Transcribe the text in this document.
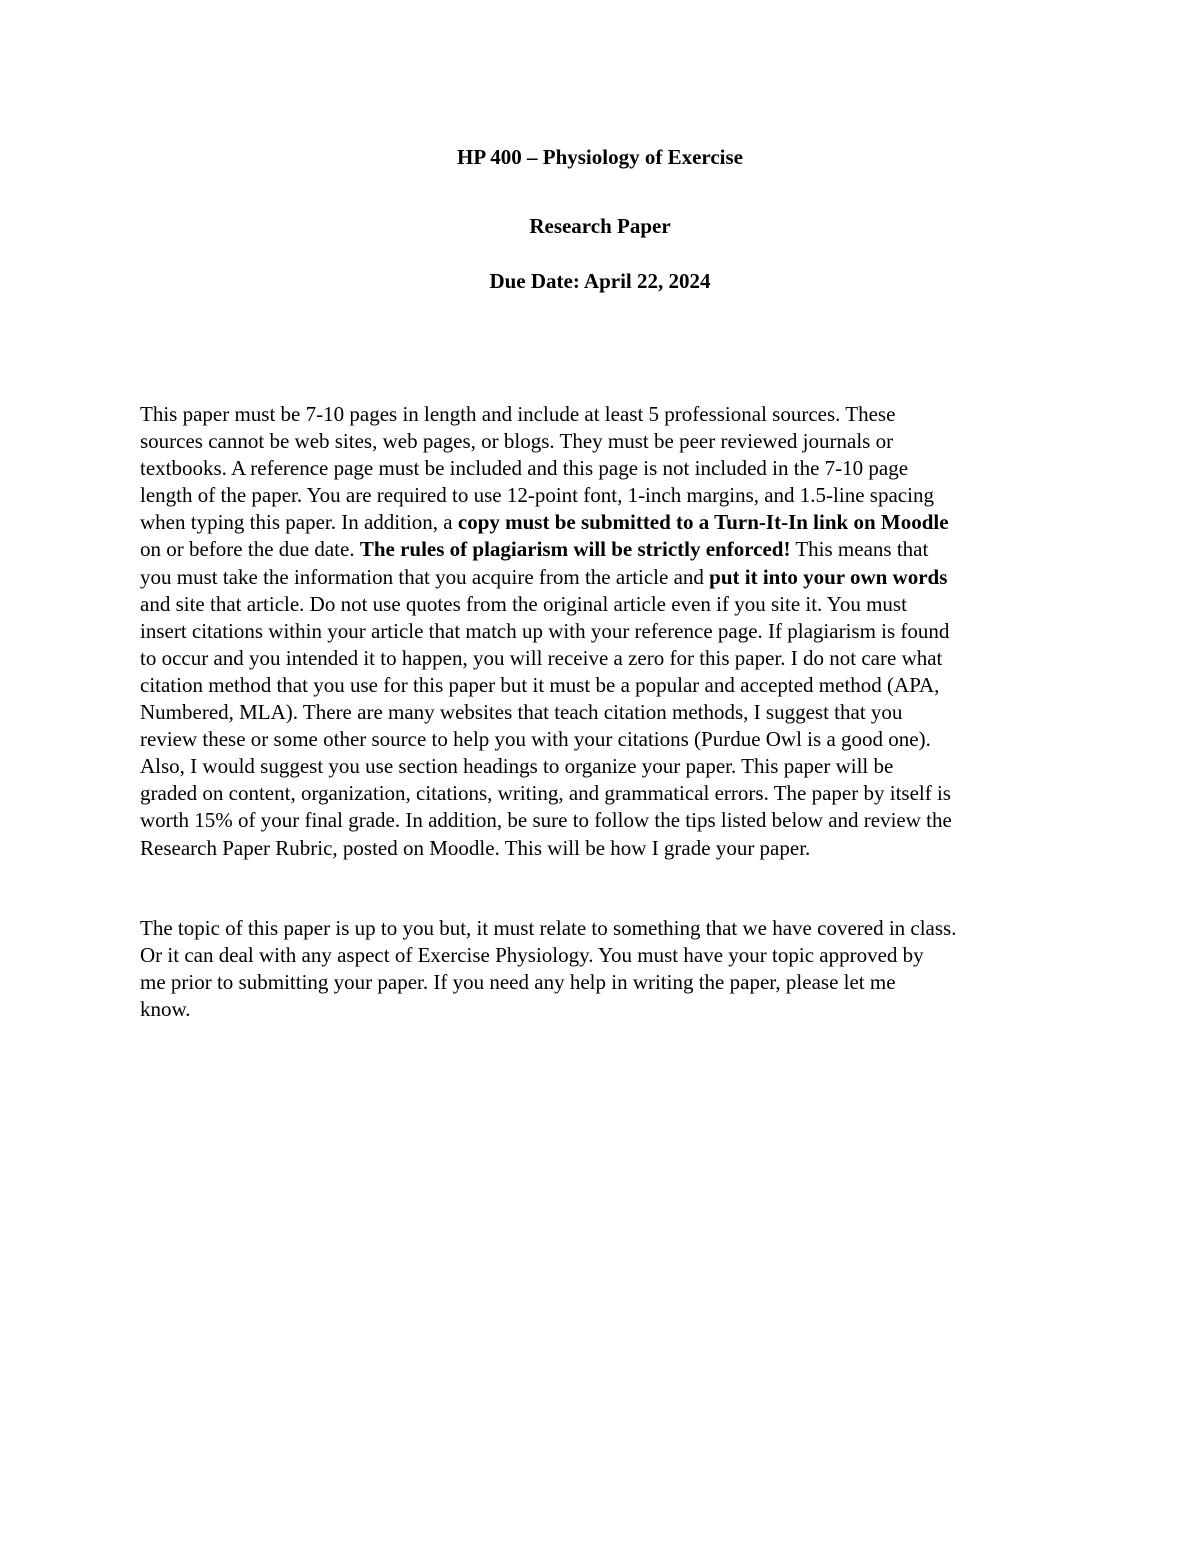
HP 400 – Physiology of Exercise
Research Paper
Due Date: April 22, 2024
This paper must be 7-10 pages in length and include at least 5 professional sources. These
sources cannot be web sites, web pages, or blogs. They must be peer reviewed journals or
textbooks. A reference page must be included and this page is not included in the 7-10 page
length of the paper. You are required to use 12-point font, 1-inch margins, and 1.5-line spacing
when typing this paper. In addition, a copy must be submitted to a Turn-It-In link on Moodle
on or before the due date. The rules of plagiarism will be strictly enforced! This means that
you must take the information that you acquire from the article and put it into your own words
and site that article. Do not use quotes from the original article even if you site it. You must
insert citations within your article that match up with your reference page. If plagiarism is found
to occur and you intended it to happen, you will receive a zero for this paper. I do not care what
citation method that you use for this paper but it must be a popular and accepted method (APA,
Numbered, MLA). There are many websites that teach citation methods, I suggest that you
review these or some other source to help you with your citations (Purdue Owl is a good one).
Also, I would suggest you use section headings to organize your paper. This paper will be
graded on content, organization, citations, writing, and grammatical errors. The paper by itself is
worth 15% of your final grade. In addition, be sure to follow the tips listed below and review the
Research Paper Rubric, posted on Moodle. This will be how I grade your paper.
The topic of this paper is up to you but, it must relate to something that we have covered in class.
Or it can deal with any aspect of Exercise Physiology. You must have your topic approved by
me prior to submitting your paper. If you need any help in writing the paper, please let me
know.
